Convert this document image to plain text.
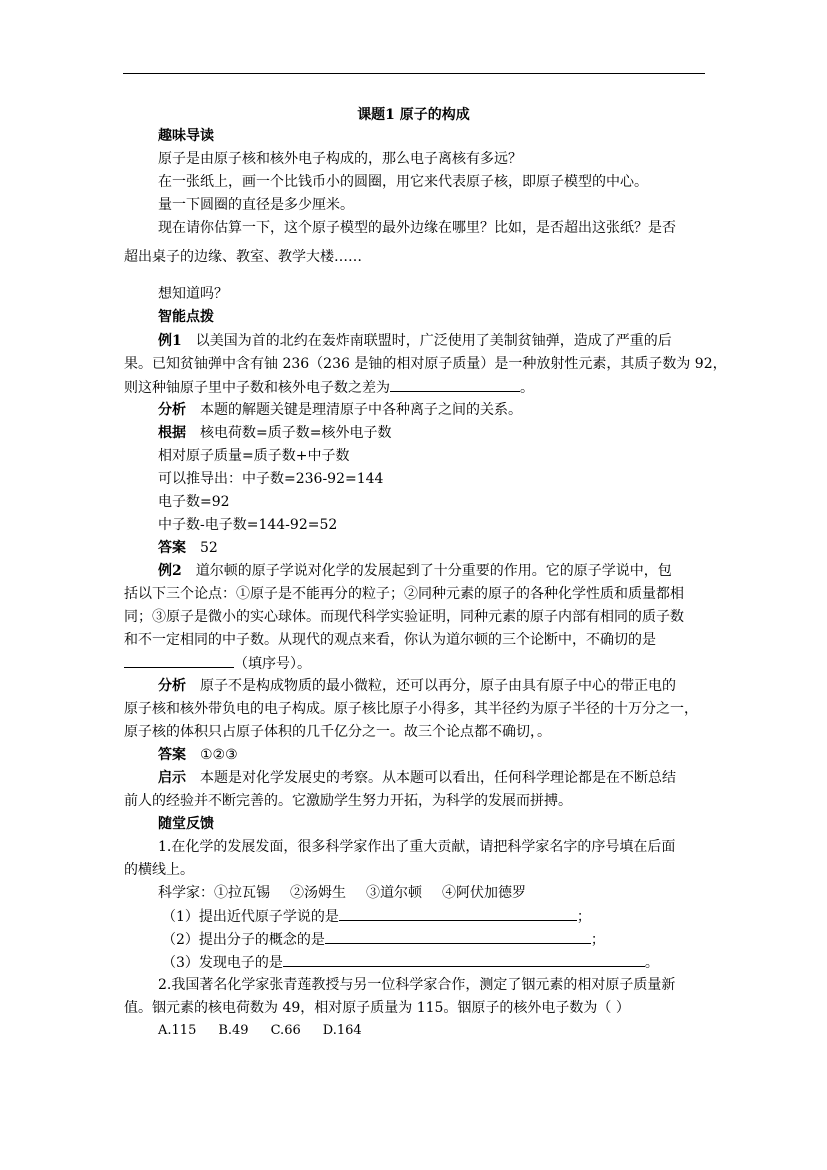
课题1 原子的构成
趣味导读
原子是由原子核和核外电子构成的，那么电子离核有多远？
在一张纸上，画一个比钱币小的圆圈，用它来代表原子核，即原子模型的中心。
量一下圆圈的直径是多少厘米。
现在请你估算一下，这个原子模型的最外边缘在哪里？比如，是否超出这张纸？是否
超出桌子的边缘、教室、教学大楼……
想知道吗？
智能点拨
例1 以美国为首的北约在轰炸南联盟时，广泛使用了美制贫铀弹，造成了严重的后
果。已知贫铀弹中含有铀 236（236 是铀的相对原子质量）是一种放射性元素，其质子数为 92，
则这种铀原子里中子数和核外电子数之差为	。
分析 本题的解题关键是理清原子中各种离子之间的关系。
根据 核电荷数=质子数=核外电子数
相对原子质量=质子数+中子数
可以推导出：中子数=236-92=144
电子数=92
中子数-电子数=144-92=52
答案 52
例2 道尔顿的原子学说对化学的发展起到了十分重要的作用。它的原子学说中，包
括以下三个论点：①原子是不能再分的粒子；②同种元素的原子的各种化学性质和质量都相
同；③原子是微小的实心球体。而现代科学实验证明，同种元素的原子内部有相同的质子数
和不一定相同的中子数。从现代的观点来看，你认为道尔顿的三个论断中，不确切的是
（填序号）。
分析 原子不是构成物质的最小微粒，还可以再分，原子由具有原子中心的带正电的
原子核和核外带负电的电子构成。原子核比原子小得多，其半径约为原子半径的十万分之一，
原子核的体积只占原子体积的几千亿分之一。故三个论点都不确切，。
答案 ①②③
启示 本题是对化学发展史的考察。从本题可以看出，任何科学理论都是在不断总结
前人的经验并不断完善的。它激励学生努力开拓，为科学的发展而拼搏。
随堂反馈
1.在化学的发展发面，很多科学家作出了重大贡献，请把科学家名字的序号填在后面
的横线上。
科学家：①拉瓦锡 ②汤姆生 ③道尔顿 ④阿伏加德罗
（1）提出近代原子学说的是	；
（2）提出分子的概念的是	；
（3）发现电子的是	。
2.我国著名化学家张青莲教授与另一位科学家合作，测定了铟元素的相对原子质量新
值。铟元素的核电荷数为 49，相对原子质量为 115。铟原子的核外电子数为（ ）
A.115 B.49 C.66 D.164
